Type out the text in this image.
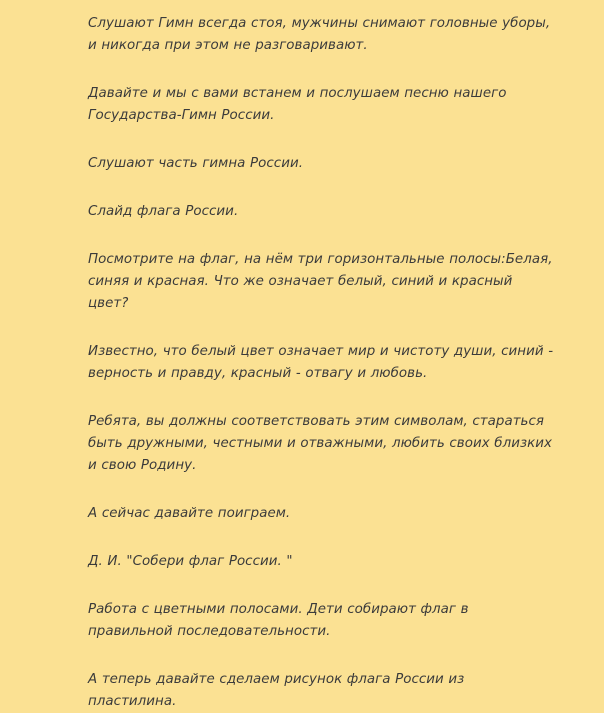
Слушают Гимн всегда стоя, мужчины снимают головные уборы, и никогда при этом не разговаривают.

Давайте и мы с вами встанем и послушаем песню нашего Государства-Гимн России.

Слушают часть гимна России.

Слайд флага России.

Посмотрите на флаг, на нём три горизонтальные полосы:Белая, синяя и красная. Что же означает белый, синий и красный цвет?

Известно, что белый цвет означает мир и чистоту души, синий - верность и правду, красный - отвагу и любовь.

Ребята, вы должны соответствовать этим символам, стараться быть дружными, честными и отважными, любить своих близких и свою Родину.

А сейчас давайте поиграем.

Д. И. "Собери флаг России. "

Работа с цветными полосами. Дети собирают флаг в правильной последовательности.

А теперь давайте сделаем рисунок флага России из пластилина.
